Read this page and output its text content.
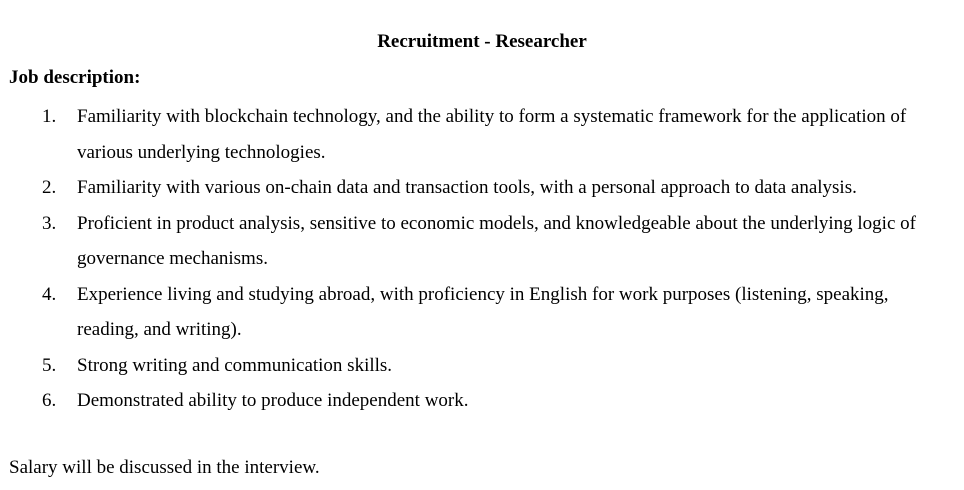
Recruitment - Researcher
Job description:
1. Familiarity with blockchain technology, and the ability to form a systematic framework for the application of various underlying technologies.
2. Familiarity with various on-chain data and transaction tools, with a personal approach to data analysis.
3. Proficient in product analysis, sensitive to economic models, and knowledgeable about the underlying logic of governance mechanisms.
4. Experience living and studying abroad, with proficiency in English for work purposes (listening, speaking, reading, and writing).
5. Strong writing and communication skills.
6. Demonstrated ability to produce independent work.
Salary will be discussed in the interview.
